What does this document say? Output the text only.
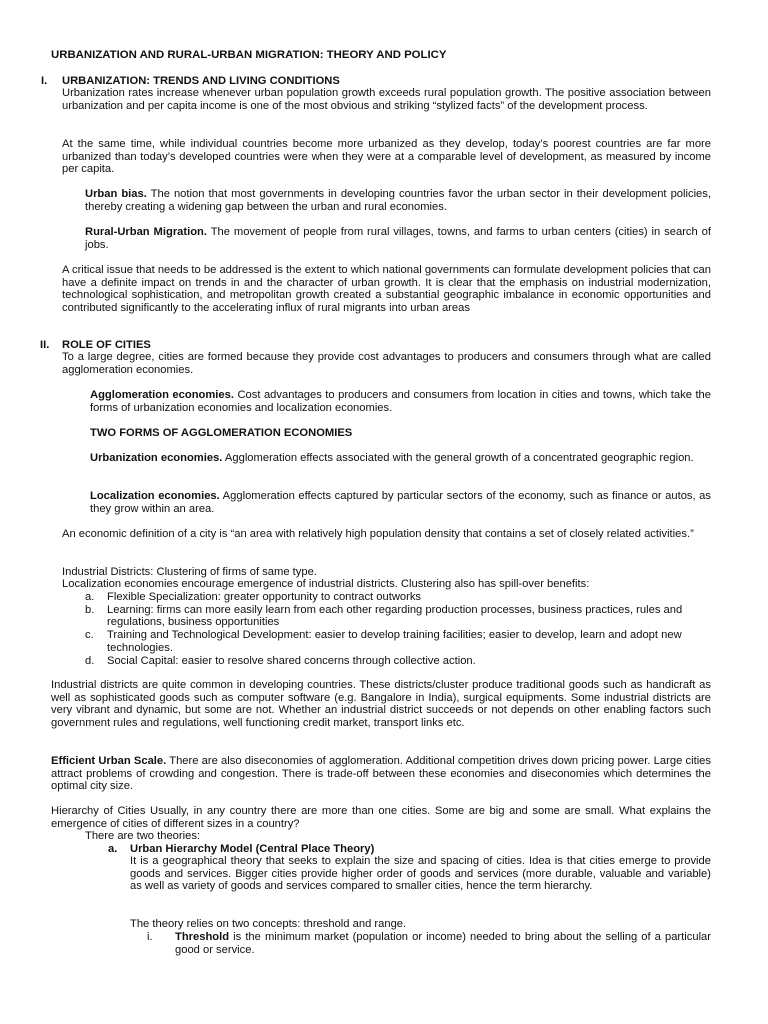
URBANIZATION AND RURAL-URBAN MIGRATION: THEORY AND POLICY
I. URBANIZATION: TRENDS AND LIVING CONDITIONS

Urbanization rates increase whenever urban population growth exceeds rural population growth. The positive association between urbanization and per capita income is one of the most obvious and striking “stylized facts” of the development process.

At the same time, while individual countries become more urbanized as they develop, today’s poorest countries are far more urbanized than today’s developed countries were when they were at a comparable level of development, as measured by income per capita.

Urban bias. The notion that most governments in developing countries favor the urban sector in their development policies, thereby creating a widening gap between the urban and rural economies.

Rural-Urban Migration. The movement of people from rural villages, towns, and farms to urban centers (cities) in search of jobs.

A critical issue that needs to be addressed is the extent to which national governments can formulate development policies that can have a definite impact on trends in and the character of urban growth. It is clear that the emphasis on industrial modernization, technological sophistication, and metropolitan growth created a substantial geographic imbalance in economic opportunities and contributed significantly to the accelerating influx of rural migrants into urban areas

II. ROLE OF CITIES

To a large degree, cities are formed because they provide cost advantages to producers and consumers through what are called agglomeration economies.

Agglomeration economies. Cost advantages to producers and consumers from location in cities and towns, which take the forms of urbanization economies and localization economies.

TWO FORMS OF AGGLOMERATION ECONOMIES

Urbanization economies. Agglomeration effects associated with the general growth of a concentrated geographic region.

Localization economies. Agglomeration effects captured by particular sectors of the economy, such as finance or autos, as they grow within an area.

An economic definition of a city is “an area with relatively high population density that contains a set of closely related activities.”

Industrial Districts: Clustering of firms of same type.

Localization economies encourage emergence of industrial districts. Clustering also has spill-over benefits:

a. Flexible Specialization: greater opportunity to contract outworks
b. Learning: firms can more easily learn from each other regarding production processes, business practices, rules and regulations, business opportunities
c. Training and Technological Development: easier to develop training facilities; easier to develop, learn and adopt new technologies.
d. Social Capital: easier to resolve shared concerns through collective action.

Industrial districts are quite common in developing countries. These districts/cluster produce traditional goods such as handicraft as well as sophisticated goods such as computer software (e.g. Bangalore in India), surgical equipments. Some industrial districts are very vibrant and dynamic, but some are not. Whether an industrial district succeeds or not depends on other enabling factors such government rules and regulations, well functioning credit market, transport links etc.

Efficient Urban Scale. There are also diseconomies of agglomeration. Additional competition drives down pricing power. Large cities attract problems of crowding and congestion. There is trade-off between these economies and diseconomies which determines the optimal city size.

Hierarchy of Cities Usually, in any country there are more than one cities. Some are big and some are small. What explains the emergence of cities of different sizes in a country?

There are two theories:

a. Urban Hierarchy Model (Central Place Theory)

It is a geographical theory that seeks to explain the size and spacing of cities. Idea is that cities emerge to provide goods and services. Bigger cities provide higher order of goods and services (more durable, valuable and variable) as well as variety of goods and services compared to smaller cities, hence the term hierarchy.

The theory relies on two concepts: threshold and range.

i. Threshold is the minimum market (population or income) needed to bring about the selling of a particular good or service.
